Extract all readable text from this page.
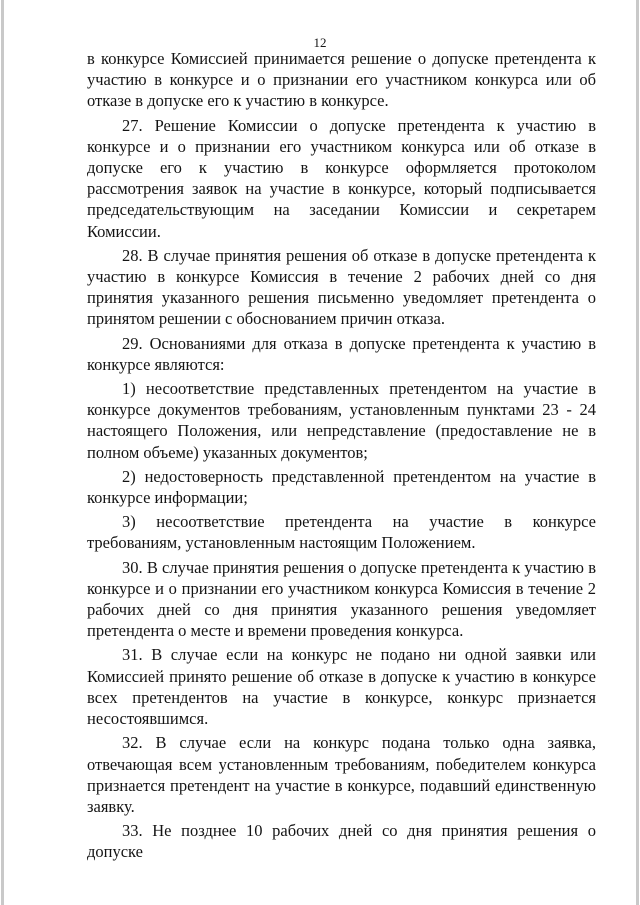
12

в конкурсе Комиссией принимается решение о допуске претендента к участию в конкурсе и о признании его участником конкурса или об отказе в допуске его к участию в конкурсе.

27. Решение Комиссии о допуске претендента к участию в конкурсе и о признании его участником конкурса или об отказе в допуске его к участию в конкурсе оформляется протоколом рассмотрения заявок на участие в конкурсе, который подписывается председательствующим на заседании Комиссии и секретарем Комиссии.

28. В случае принятия решения об отказе в допуске претендента к участию в конкурсе Комиссия в течение 2 рабочих дней со дня принятия указанного решения письменно уведомляет претендента о принятом решении с обоснованием причин отказа.

29. Основаниями для отказа в допуске претендента к участию в конкурсе являются:

1) несоответствие представленных претендентом на участие в конкурсе документов требованиям, установленным пунктами 23 - 24 настоящего Положения, или непредставление (предоставление не в полном объеме) указанных документов;

2) недостоверность представленной претендентом на участие в конкурсе информации;

3) несоответствие претендента на участие в конкурсе требованиям, установленным настоящим Положением.

30. В случае принятия решения о допуске претендента к участию в конкурсе и о признании его участником конкурса Комиссия в течение 2 рабочих дней со дня принятия указанного решения уведомляет претендента о месте и времени проведения конкурса.

31. В случае если на конкурс не подано ни одной заявки или Комиссией принято решение об отказе в допуске к участию в конкурсе всех претендентов на участие в конкурсе, конкурс признается несостоявшимся.

32. В случае если на конкурс подана только одна заявка, отвечающая всем установленным требованиям, победителем конкурса признается претендент на участие в конкурсе, подавший единственную заявку.

33. Не позднее 10 рабочих дней со дня принятия решения о допуске
